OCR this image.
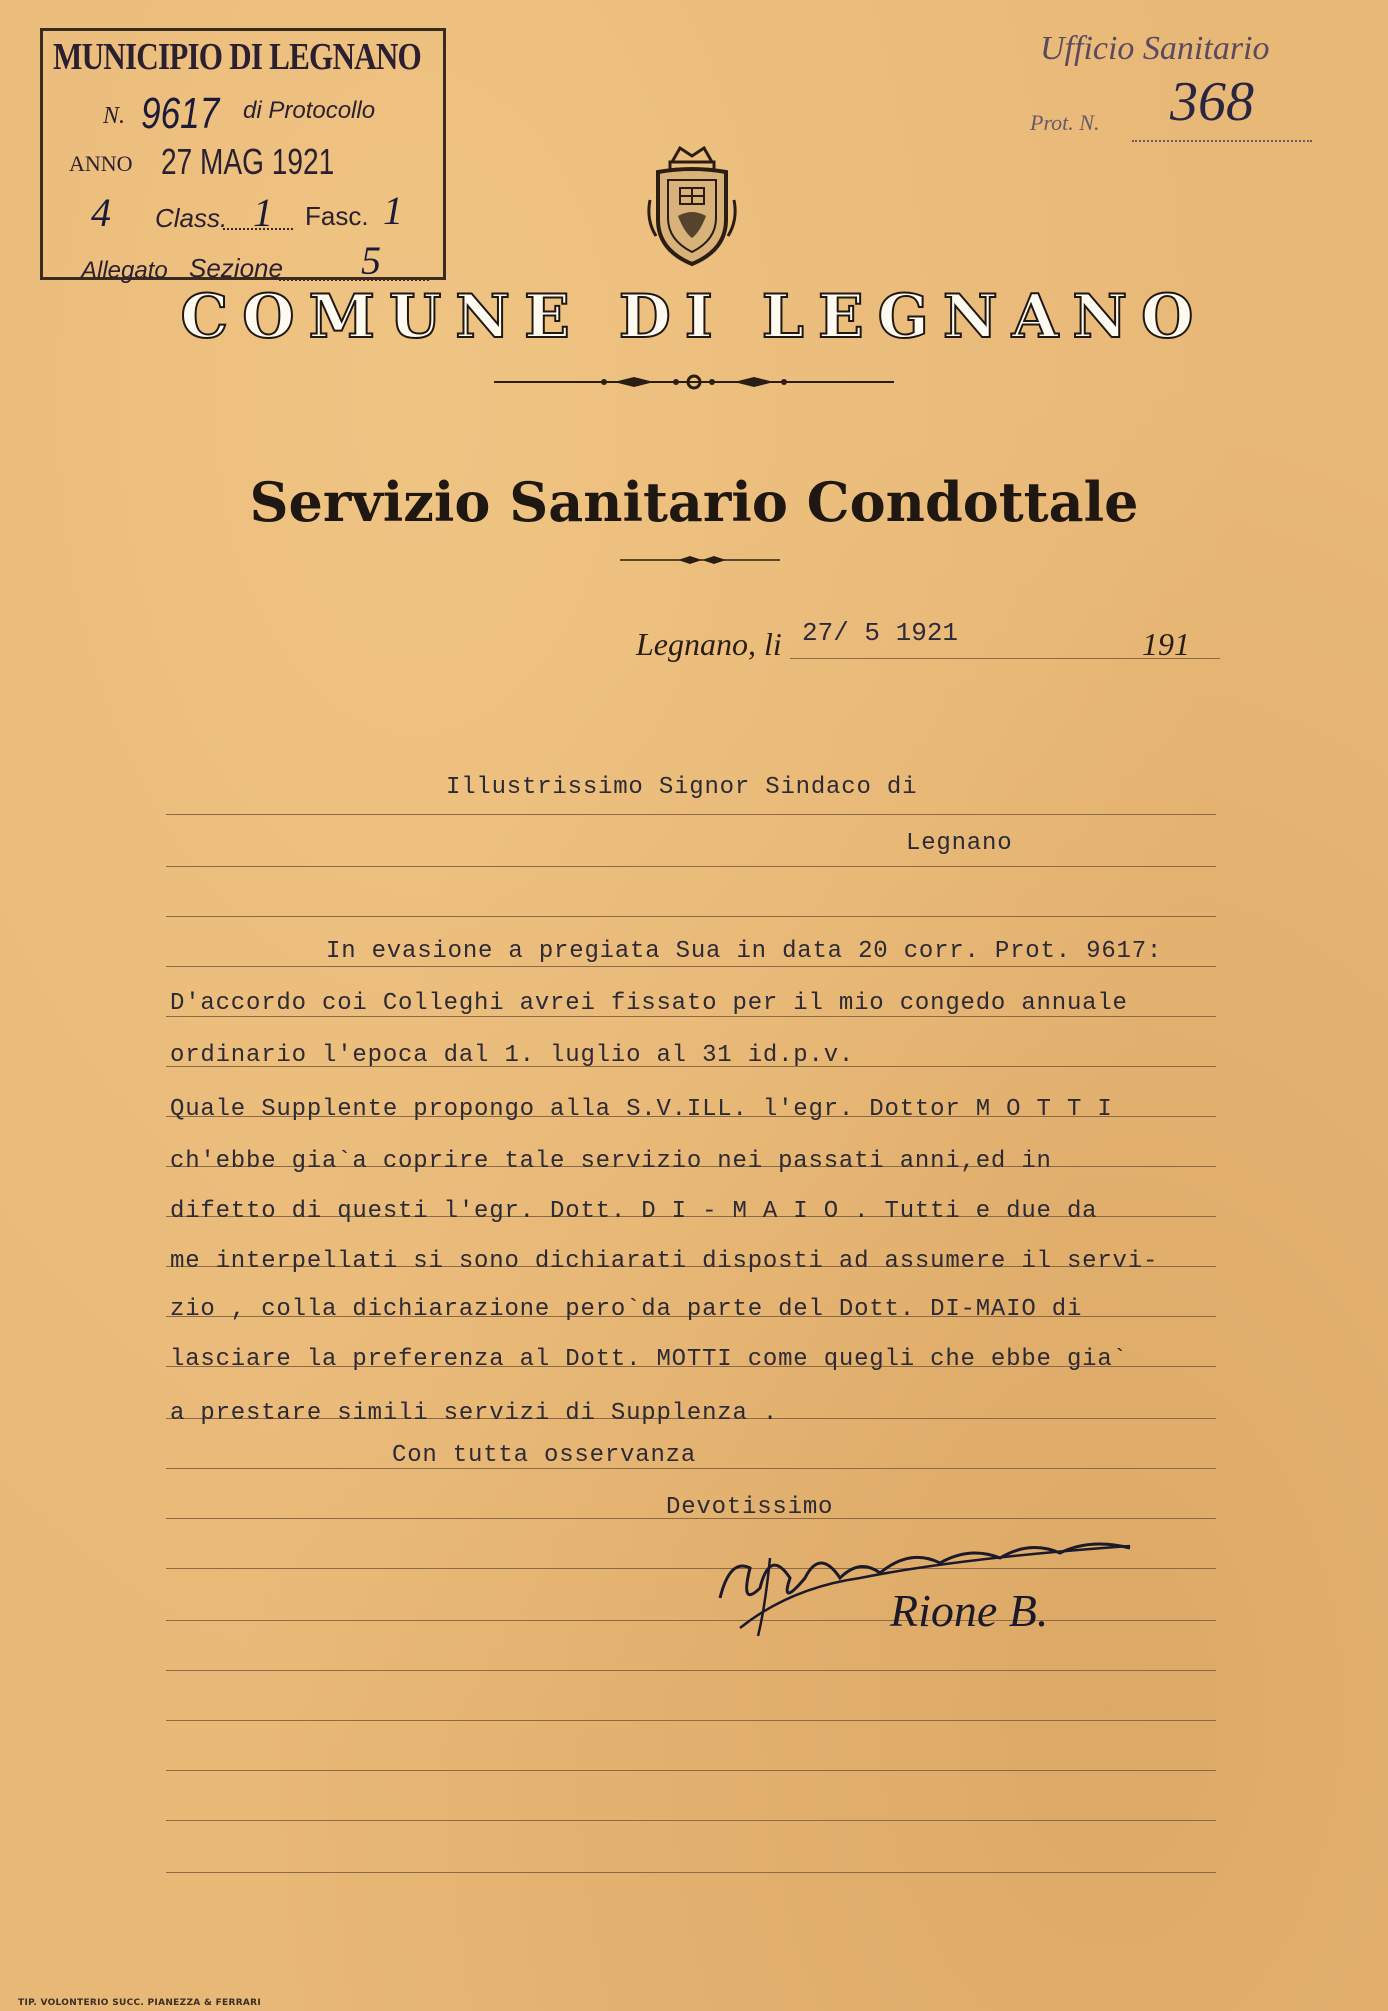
MUNICIPIO DI LEGNANO
N. 9617 di Protocollo
ANNO 27 MAG 1921
4 Class. 1 Fasc. 1
Allegato Sezione 5
Ufficio Sanitario
Prot. N. 368
COMUNE DI LEGNANO
Servizio Sanitario Condottale
Legnano, li 27/ 5 1921	191
Illustrissimo Signor Sindaco di
Legnano
In evasione a pregiata Sua in data 20 corr. Prot. 9617:
D'accordo coi Colleghi avrei fissato per il mio congedo annuale
ordinario l'epoca dal 1. luglio al 31 id.p.v.
Quale Supplente propongo alla S.V.ILL. l'egr. Dottor M O T T I
ch'ebbe gia`a coprire tale servizio nei passati anni,ed in
difetto di questi l'egr. Dott. D I - M A I O . Tutti e due da
me interpellati si sono dichiarati disposti ad assumere il servi-
zio , colla dichiarazione pero`da parte del Dott. DI-MAIO di
lasciare la preferenza al Dott. MOTTI come quegli che ebbe gia`
a prestare simili servizi di Supplenza .
Con tutta osservanza
Devotissimo
Rione B.
TIP. VOLONTERIO SUCC. PIANEZZA & FERRARI
